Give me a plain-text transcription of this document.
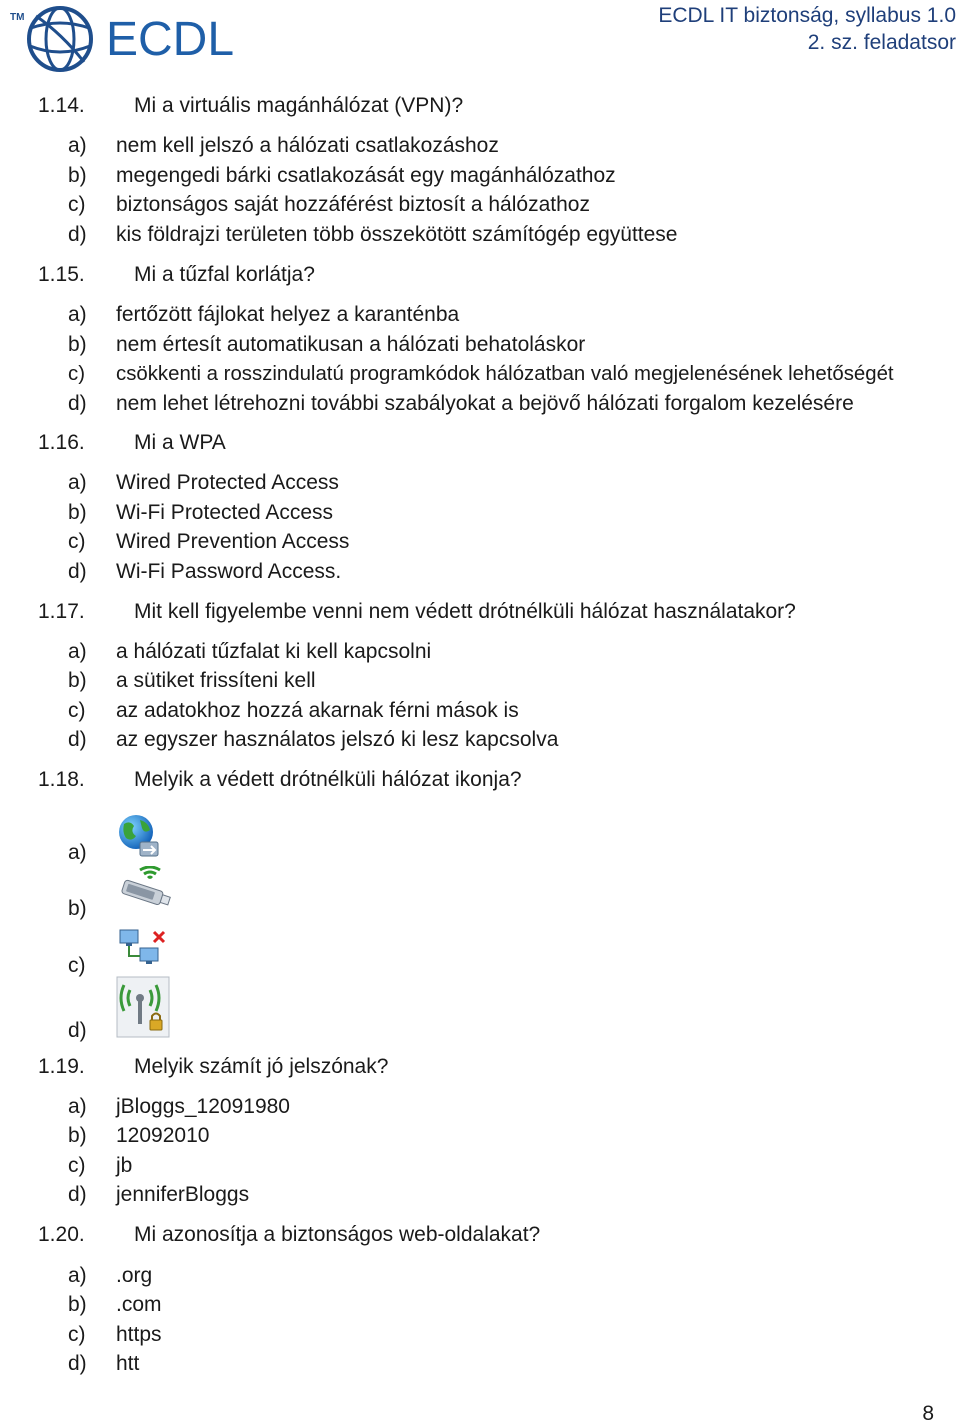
TM ECDL	ECDL IT biztonság, syllabus 1.0
2. sz. feladatsor
1.14. Mi a virtuális magánhálózat (VPN)?
a) nem kell jelszó a hálózati csatlakozáshoz
b) megengedi bárki csatlakozását egy magánhálózathoz
c) biztonságos saját hozzáférést biztosít a hálózathoz
d) kis földrajzi területen több összekötött számítógép együttese
1.15. Mi a tűzfal korlátja?
a) fertőzött fájlokat helyez a karanténba
b) nem értesít automatikusan a hálózati behatoláskor
c) csökkenti a rosszindulatú programkódok hálózatban való megjelenésének lehetőségét
d) nem lehet létrehozni további szabályokat a bejövő hálózati forgalom kezelésére
1.16. Mi a WPA
a) Wired Protected Access
b) Wi-Fi Protected Access
c) Wired Prevention Access
d) Wi-Fi Password Access.
1.17. Mit kell figyelembe venni nem védett drótnélküli hálózat használatakor?
a) a hálózati tűzfalat ki kell kapcsolni
b) a sütiket frissíteni kell
c) az adatokhoz hozzá akarnak férni mások is
d) az egyszer használatos jelszó ki lesz kapcsolva
1.18. Melyik a védett drótnélküli hálózat ikonja?
a)
b)
c)
d)
1.19. Melyik számít jó jelszónak?
a) jBloggs_12091980
b) 12092010
c) jb
d) jenniferBloggs
1.20. Mi azonosítja a biztonságos web-oldalakat?
a) .org
b) .com
c) https
d) htt
8
